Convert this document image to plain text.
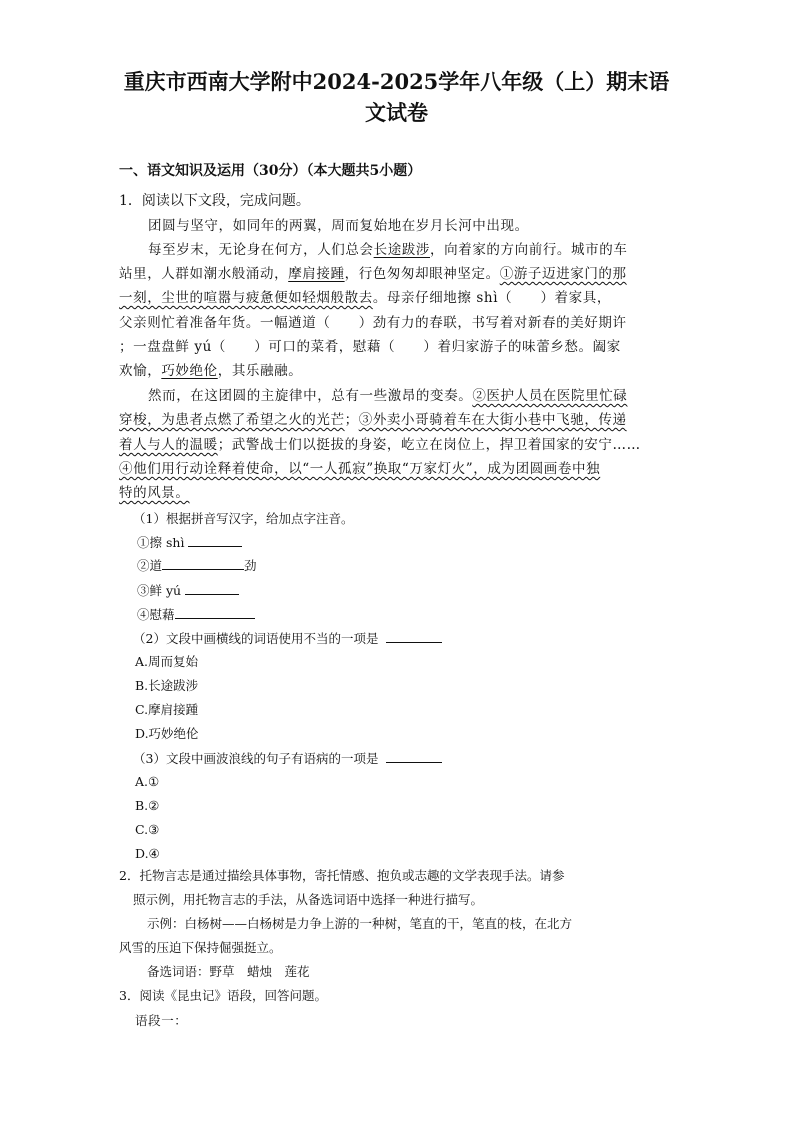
重庆市西南大学附中2024-2025学年八年级（上）期末语
文试卷
一、语文知识及运用（30分）（本大题共5小题）
1．阅读以下文段，完成问题。
团圆与坚守，如同年的两翼，周而复始地在岁月长河中出现。
每至岁末，无论身在何方，人们总会长途跋涉，向着家的方向前行。城市的车
站里，人群如潮水般涌动，摩肩接踵，行色匆匆却眼神坚定。①游子迈进家门的那
一刻，尘世的喧嚣与疲惫便如轻烟般散去。母亲仔细地擦 shì（　　）着家具，
父亲则忙着准备年货。一幅遒道（　　）劲有力的春联，书写着对新春的美好期许
；一盘盘鲜 yú（　　）可口的菜肴，慰藉（　　）着归家游子的味蕾乡愁。阖家
欢愉，巧妙绝伦，其乐融融。
然而，在这团圆的主旋律中，总有一些激昂的变奏。②医护人员在医院里忙碌
穿梭，为患者点燃了希望之火的光芒；③外卖小哥骑着车在大街小巷中飞驰，传递
着人与人的温暖；武警战士们以挺拔的身姿，屹立在岗位上，捍卫着国家的安宁……
④他们用行动诠释着使命，以“一人孤寂”换取“万家灯火”，成为团圆画卷中独
特的风景。
（1）根据拼音写汉字，给加点字注音。
①擦 shì
②道	劲
③鲜 yú
④慰藉
（2）文段中画横线的词语使用不当的一项是
A.周而复始
B.长途跋涉
C.摩肩接踵
D.巧妙绝伦
（3）文段中画波浪线的句子有语病的一项是
A.①
B.②
C.③
D.④
2．托物言志是通过描绘具体事物，寄托情感、抱负或志趣的文学表现手法。请参
照示例，用托物言志的手法，从备选词语中选择一种进行描写。
示例：白杨树——白杨树是力争上游的一种树，笔直的干，笔直的枝，在北方
风雪的压迫下保持倔强挺立。
备选词语：野草　蜡烛　莲花
3．阅读《昆虫记》语段，回答问题。
语段一：
